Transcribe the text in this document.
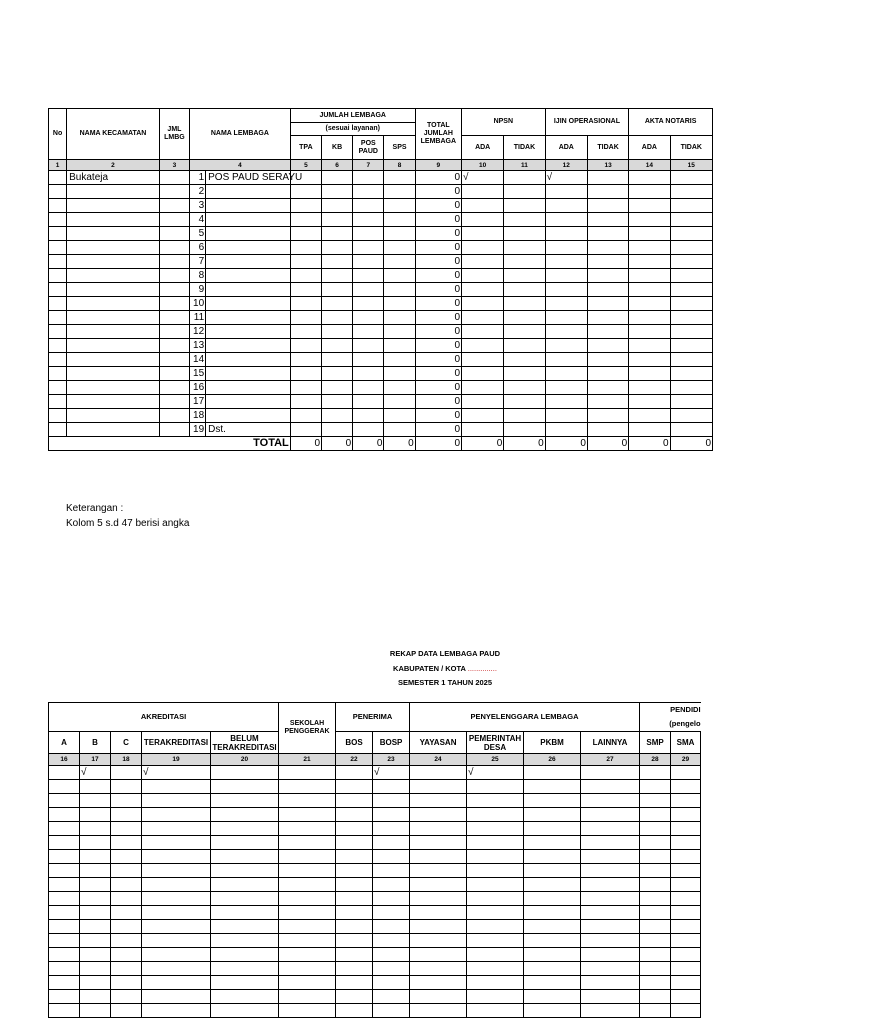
No	NAMA KECAMATAN	JML LMBG	NAMA LEMBAGA		JUMLAH LEMBAGA				TOTAL JUMLAH LEMBAGA	NPSN		IJIN OPERASIONAL		AKTA NOTARIS	
					(sesuai layanan)										
					TPA	KB	POS PAUD	SPS		ADA	TIDAK	ADA	TIDAK	ADA	TIDAK
1	2	3	4		5	6	7	8	9	10	11	12	13	14	15
	Bukateja		1	POS PAUD SERAYU					0	√		√			
			2						0						
			3						0						
			4						0						
			5						0						
			6						0						
			7						0						
			8						0						
			9						0						
			10						0						
			11						0						
			12						0						
			13						0						
			14						0						
			15						0						
			16						0						
			17						0						
			18						0						
			19	Dst.					0						
TOTAL					0	0	0	0	0	0	0	0	0	0	0
Keterangan :
Kolom 5 s.d 47 berisi angka
REKAP DATA LEMBAGA PAUD
KABUPATEN / KOTA ..............
SEMESTER 1 TAHUN 2025
AKREDITASI					SEKOLAH PENGGERAK	PENERIMA		PENYELENGGARA LEMBAGA				PENDIDI
(pengelo	

A	B	C	TERAKREDITASI	BELUM TERAKREDITASI		BOS	BOSP	YAYASAN	PEMERINTAH DESA	PKBM	LAINNYA	SMP	SMA
16	17	18	19	20	21	22	23	24	25	26	27	28	29
	√		√				√		√				
